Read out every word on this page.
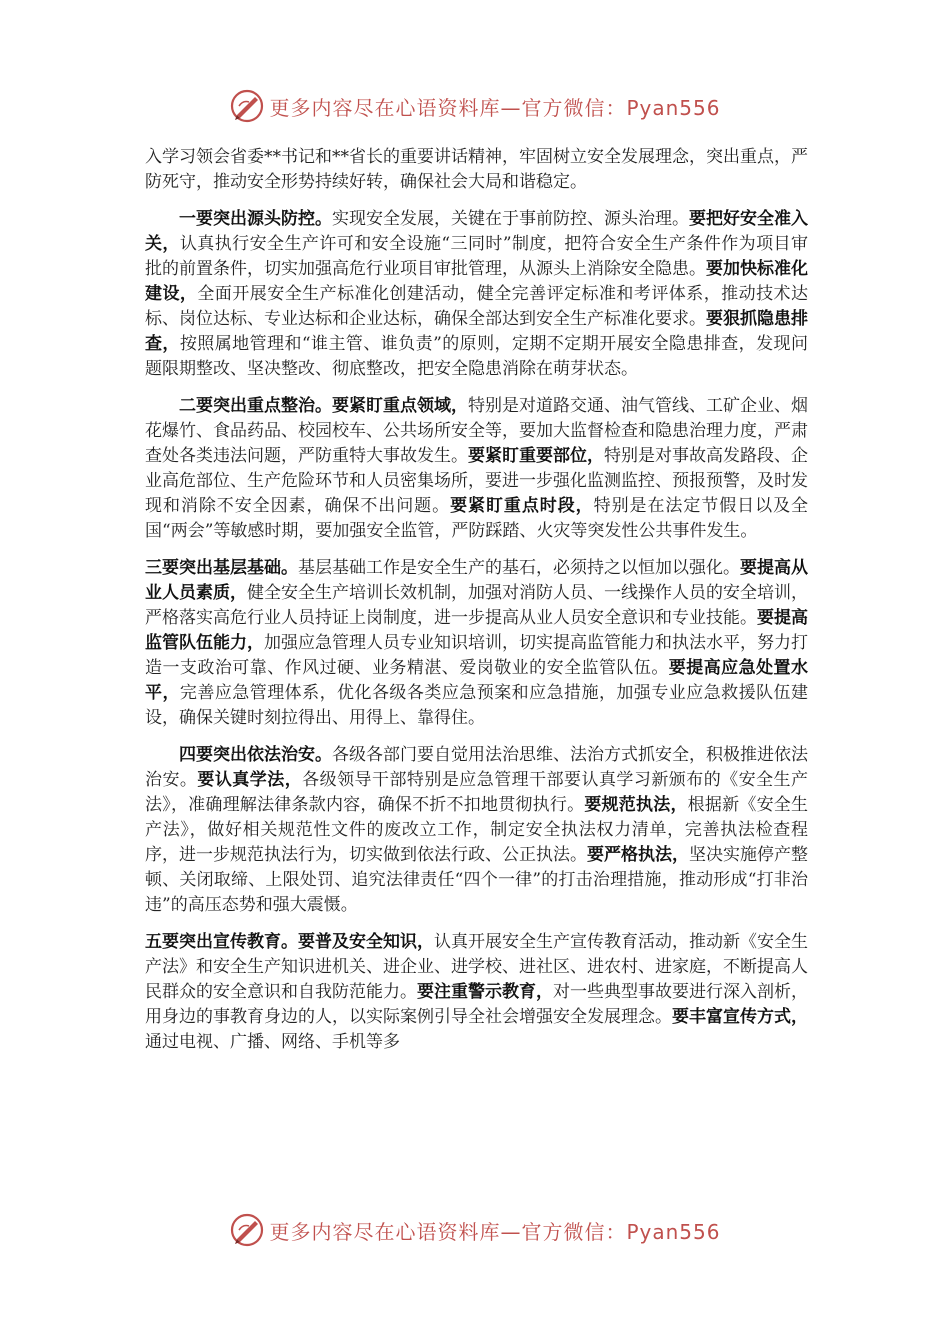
更多内容尽在心语资料库—官方微信：Pyan556

入学习领会省委**书记和**省长的重要讲话精神，牢固树立安全发展理念，突出重点，严防死守，推动安全形势持续好转，确保社会大局和谐稳定。

一要突出源头防控。实现安全发展，关键在于事前防控、源头治理。要把好安全准入关，认真执行安全生产许可和安全设施“三同时”制度，把符合安全生产条件作为项目审批的前置条件，切实加强高危行业项目审批管理，从源头上消除安全隐患。要加快标准化建设，全面开展安全生产标准化创建活动，健全完善评定标准和考评体系，推动技术达标、岗位达标、专业达标和企业达标，确保全部达到安全生产标准化要求。要狠抓隐患排查，按照属地管理和“谁主管、谁负责”的原则，定期不定期开展安全隐患排查，发现问题限期整改、坚决整改、彻底整改，把安全隐患消除在萌芽状态。

二要突出重点整治。要紧盯重点领域，特别是对道路交通、油气管线、工矿企业、烟花爆竹、食品药品、校园校车、公共场所安全等，要加大监督检查和隐患治理力度，严肃查处各类违法问题，严防重特大事故发生。要紧盯重要部位，特别是对事故高发路段、企业高危部位、生产危险环节和人员密集场所，要进一步强化监测监控、预报预警，及时发现和消除不安全因素，确保不出问题。要紧盯重点时段，特别是在法定节假日以及全国“两会”等敏感时期，要加强安全监管，严防踩踏、火灾等突发性公共事件发生。

三要突出基层基础。基层基础工作是安全生产的基石，必须持之以恒加以强化。要提高从业人员素质，健全安全生产培训长效机制，加强对消防人员、一线操作人员的安全培训，严格落实高危行业人员持证上岗制度，进一步提高从业人员安全意识和专业技能。要提高监管队伍能力，加强应急管理人员专业知识培训，切实提高监管能力和执法水平，努力打造一支政治可靠、作风过硬、业务精湛、爱岗敬业的安全监管队伍。要提高应急处置水平，完善应急管理体系，优化各级各类应急预案和应急措施，加强专业应急救援队伍建设，确保关键时刻拉得出、用得上、靠得住。

四要突出依法治安。各级各部门要自觉用法治思维、法治方式抓安全，积极推进依法治安。要认真学法，各级领导干部特别是应急管理干部要认真学习新颁布的《安全生产法》，准确理解法律条款内容，确保不折不扣地贯彻执行。要规范执法，根据新《安全生产法》，做好相关规范性文件的废改立工作，制定安全执法权力清单，完善执法检查程序，进一步规范执法行为，切实做到依法行政、公正执法。要严格执法，坚决实施停产整顿、关闭取缔、上限处罚、追究法律责任“四个一律”的打击治理措施，推动形成“打非治违”的高压态势和强大震慑。

五要突出宣传教育。要普及安全知识，认真开展安全生产宣传教育活动，推动新《安全生产法》和安全生产知识进机关、进企业、进学校、进社区、进农村、进家庭，不断提高人民群众的安全意识和自我防范能力。要注重警示教育，对一些典型事故要进行深入剖析，用身边的事教育身边的人，以实际案例引导全社会增强安全发展理念。要丰富宣传方式，通过电视、广播、网络、手机等多

更多内容尽在心语资料库—官方微信：Pyan556
